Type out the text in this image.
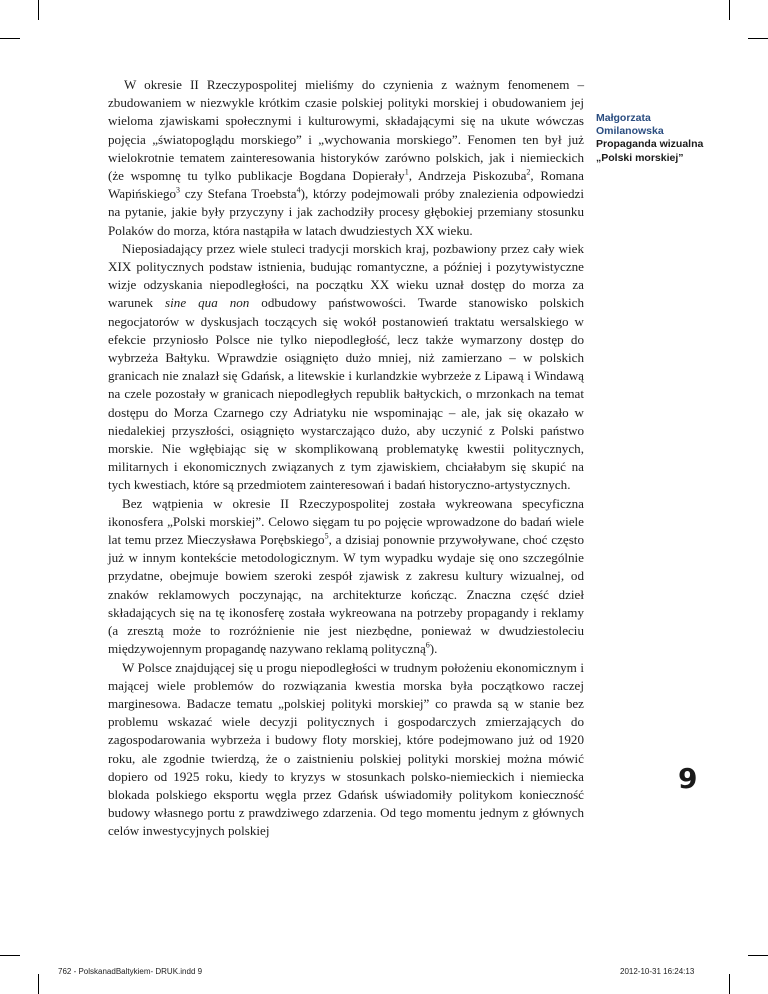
W okresie II Rzeczypospolitej mieliśmy do czynienia z ważnym fenomenem – zbudowaniem w niezwykle krótkim czasie polskiej polityki morskiej i obudowaniem jej wieloma zjawiskami społecznymi i kulturowymi, składającymi się na ukute wówczas pojęcia „światopoglądu morskiego” i „wychowania morskiego”. Fenomen ten był już wielokrotnie tematem zainteresowania historyków zarówno polskich, jak i niemieckich (że wspomnę tu tylko publikacje Bogdana Dopierały$^1$, Andrzeja Piskozuba$^2$, Romana Wapińskiego$^3$ czy Stefana Troebsta$^4$), którzy podejmowali próby znalezienia odpowiedzi na pytanie, jakie były przyczyny i jak zachodziły procesy głębokiej przemiany stosunku Polaków do morza, która nastąpiła w latach dwudziestych XX wieku.

Nieposiadający przez wiele stuleci tradycji morskich kraj, pozbawiony przez cały wiek XIX politycznych podstaw istnienia, budując romantyczne, a później i pozytywistyczne wizje odzyskania niepodległości, na początku XX wieku uznał dostęp do morza za warunek sine qua non odbudowy państwowości. Twarde stanowisko polskich negocjatorów w dyskusjach toczących się wokół postanowień traktatu wersalskiego w efekcie przyniosło Polsce nie tylko niepodległość, lecz także wymarzony dostęp do wybrzeża Bałtyku. Wprawdzie osiągnięto dużo mniej, niż zamierzano – w polskich granicach nie znalazł się Gdańsk, a litewskie i kurlandzkie wybrzeże z Lipawą i Windawą na czele pozostały w granicach niepodległych republik bałtyckich, o mrzonkach na temat dostępu do Morza Czarnego czy Adriatyku nie wspominając – ale, jak się okazało w niedalekiej przyszłości, osiągnięto wystarczająco dużo, aby uczynić z Polski państwo morskie. Nie wgłębiając się w skomplikowaną problematykę kwestii politycznych, militarnych i ekonomicznych związanych z tym zjawiskiem, chciałabym się skupić na tych kwestiach, które są przedmiotem zainteresowań i badań historyczno-artystycznych.

Bez wątpienia w okresie II Rzeczypospolitej została wykreowana specyficzna ikonosfera „Polski morskiej”. Celowo sięgam tu po pojęcie wprowadzone do badań wiele lat temu przez Mieczysława Porębskiego$^5$, a dzisiaj ponownie przywoływane, choć często już w innym kontekście metodologicznym. W tym wypadku wydaje się ono szczególnie przydatne, obejmuje bowiem szeroki zespół zjawisk z zakresu kultury wizualnej, od znaków reklamowych poczynając, na architekturze kończąc. Znaczna część dzieł składających się na tę ikonosferę została wykreowana na potrzeby propagandy i reklamy (a zresztą może to rozróżnienie nie jest niezbędne, ponieważ w dwudziestoleciu międzywojennym propagandę nazywano reklamą polityczną$^6$).

W Polsce znajdującej się u progu niepodległości w trudnym położeniu ekonomicznym i mającej wiele problemów do rozwiązania kwestia morska była początkowo raczej marginesowa. Badacze tematu „polskiej polityki morskiej” co prawda są w stanie bez problemu wskazać wiele decyzji politycznych i gospodarczych zmierzających do zagospodarowania wybrzeża i budowy floty morskiej, które podejmowano już od 1920 roku, ale zgodnie twierdzą, że o zaistnieniu polskiej polityki morskiej można mówić dopiero od 1925 roku, kiedy to kryzys w stosunkach polsko-niemieckich i niemiecka blokada polskiego eksportu węgla przez Gdańsk uświadomiły politykom konieczność budowy własnego portu z prawdziwego zdarzenia. Od tego momentu jednym z głównych celów inwestycyjnych polskiej

Małgorzata Omilanowska
Propaganda wizualna „Polski morskiej”
9
762 - PolskanadBaltykiem- DRUK.indd 9	2012-10-31 16:24:13
